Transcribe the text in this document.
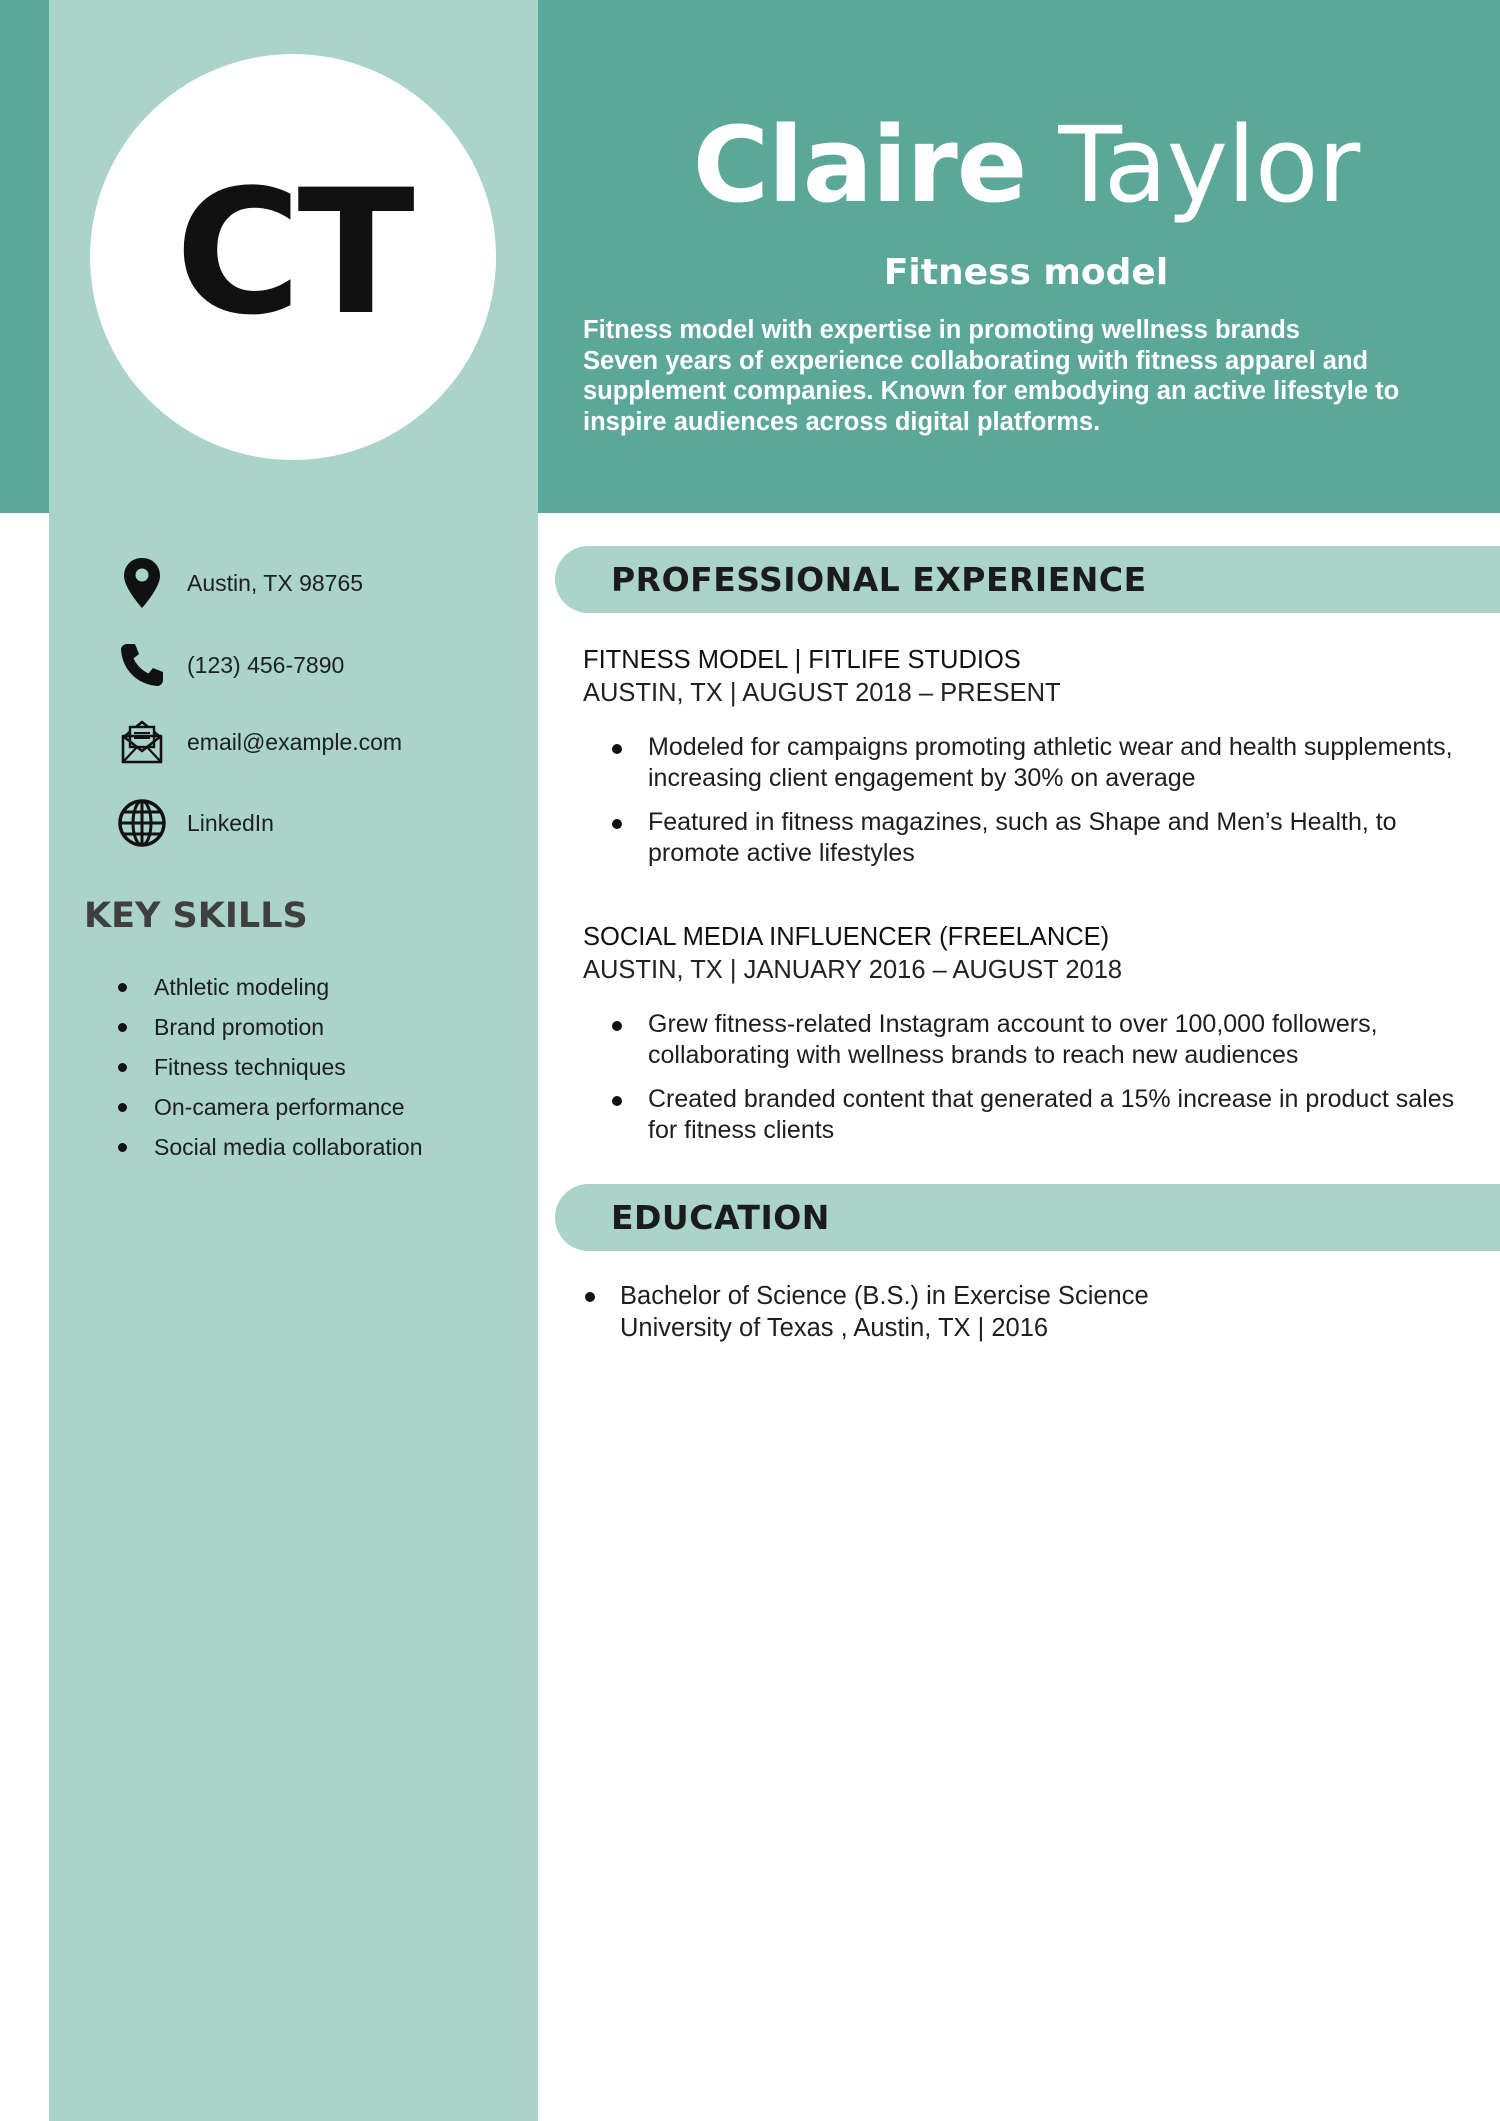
CT	Claire Taylor
Fitness model
Fitness model with expertise in promoting wellness brands
Seven years of experience collaborating with fitness apparel and
supplement companies. Known for embodying an active lifestyle to
inspire audiences across digital platforms.
Austin, TX 98765
(123) 456-7890
email@example.com
LinkedIn
KEY SKILLS
Athletic modeling
Brand promotion
Fitness techniques
On-camera performance
Social media collaboration
PROFESSIONAL EXPERIENCE
FITNESS MODEL | FITLIFE STUDIOS
AUSTIN, TX | AUGUST 2018 – PRESENT
Modeled for campaigns promoting athletic wear and health supplements, increasing client engagement by 30% on average
Featured in fitness magazines, such as Shape and Men’s Health, to promote active lifestyles
SOCIAL MEDIA INFLUENCER (FREELANCE)
AUSTIN, TX | JANUARY 2016 – AUGUST 2018
Grew fitness-related Instagram account to over 100,000 followers, collaborating with wellness brands to reach new audiences
Created branded content that generated a 15% increase in product sales for fitness clients
EDUCATION
Bachelor of Science (B.S.) in Exercise Science
University of Texas , Austin, TX | 2016
